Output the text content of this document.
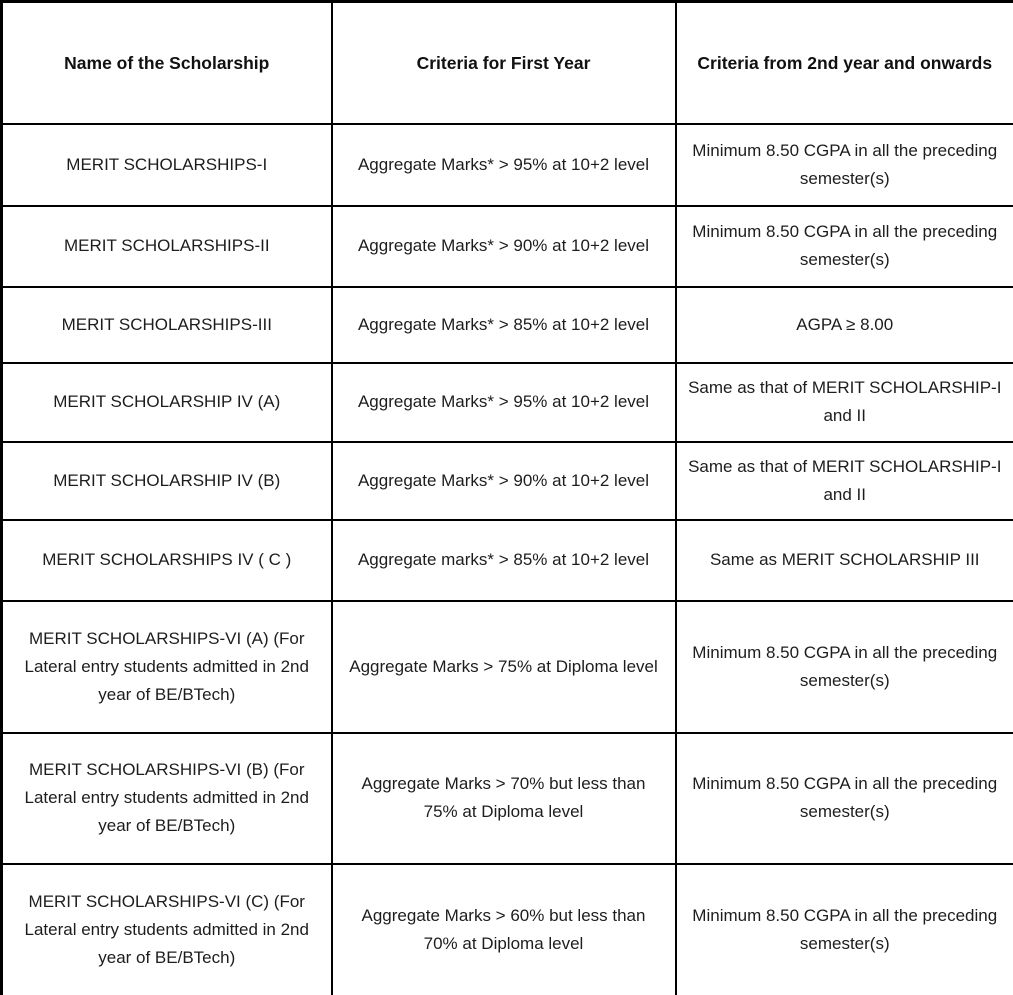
Name of the Scholarship	Criteria for First Year	Criteria from 2nd year and onwards
MERIT SCHOLARSHIPS-I	Aggregate Marks* > 95% at 10+2 level	Minimum 8.50 CGPA in all the preceding semester(s)
MERIT SCHOLARSHIPS-II	Aggregate Marks* > 90% at 10+2 level	Minimum 8.50 CGPA in all the preceding semester(s)
MERIT SCHOLARSHIPS-III	Aggregate Marks* > 85% at 10+2 level	AGPA ≥ 8.00
MERIT SCHOLARSHIP IV (A)	Aggregate Marks* > 95% at 10+2 level	Same as that of MERIT SCHOLARSHIP-I and II
MERIT SCHOLARSHIP IV (B)	Aggregate Marks* > 90% at 10+2 level	Same as that of MERIT SCHOLARSHIP-I and II
MERIT SCHOLARSHIPS IV ( C )	Aggregate marks* > 85% at 10+2 level	Same as MERIT SCHOLARSHIP III
MERIT SCHOLARSHIPS-VI (A) (For Lateral entry students admitted in 2nd year of BE/BTech)	Aggregate Marks > 75% at Diploma level	Minimum 8.50 CGPA in all the preceding semester(s)
MERIT SCHOLARSHIPS-VI (B) (For Lateral entry students admitted in 2nd year of BE/BTech)	Aggregate Marks > 70% but less than 75% at Diploma level	Minimum 8.50 CGPA in all the preceding semester(s)
MERIT SCHOLARSHIPS-VI (C) (For Lateral entry students admitted in 2nd year of BE/BTech)	Aggregate Marks > 60% but less than 70% at Diploma level	Minimum 8.50 CGPA in all the preceding semester(s)
